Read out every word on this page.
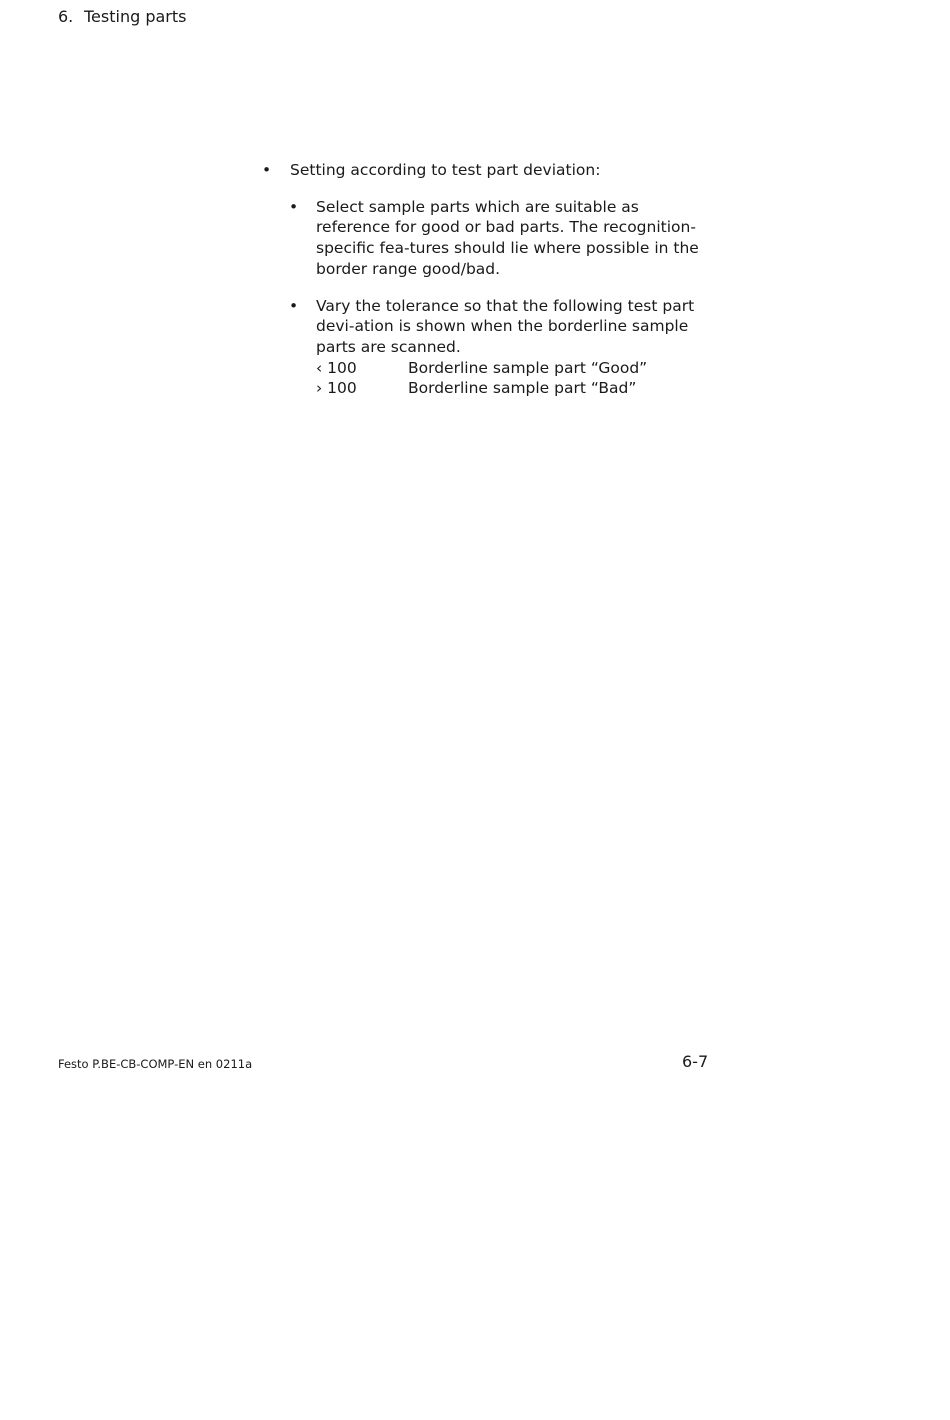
6. Testing parts
• Setting according to test part deviation:
• Select sample parts which are suitable as reference for good or bad parts. The recognition-specific fea-tures should lie where possible in the border range good/bad.
• Vary the tolerance so that the following test part devi-ation is shown when the borderline sample parts are scanned.
‹ 100	Borderline sample part “Good”
› 100	Borderline sample part “Bad”
Festo P.BE-CB-COMP-EN en 0211a	6-7
